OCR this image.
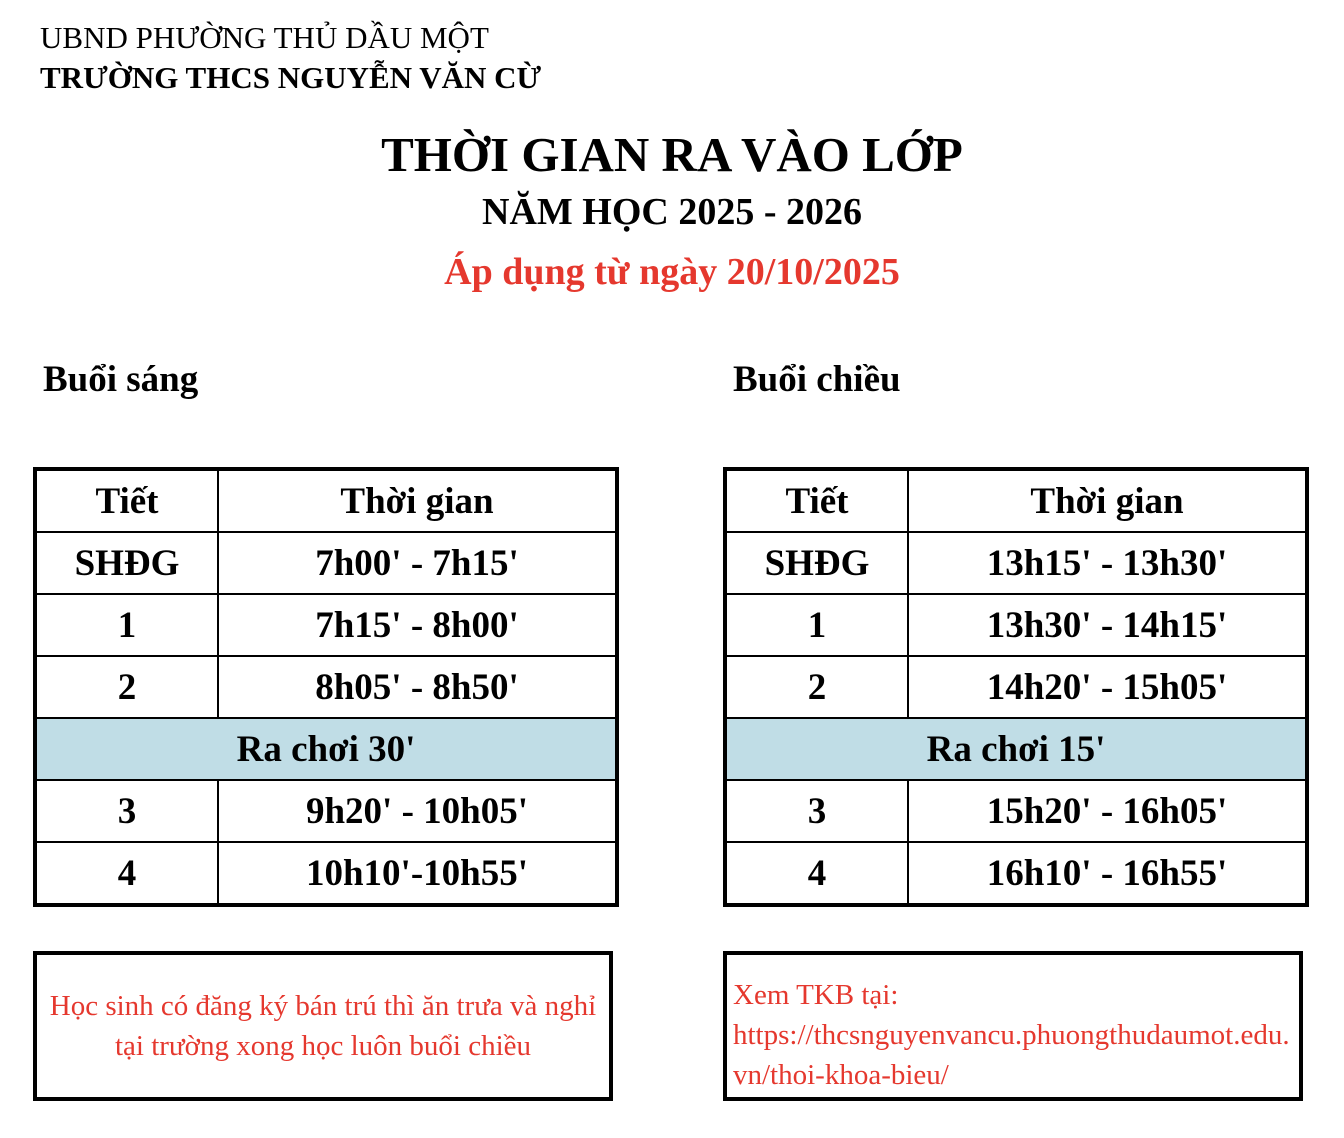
UBND PHƯỜNG THỦ DẦU MỘT
TRƯỜNG THCS NGUYỄN VĂN CỪ
THỜI GIAN RA VÀO LỚP
NĂM HỌC 2025 - 2026
Áp dụng từ ngày 20/10/2025
Buổi sáng	Buổi chiều
Tiết	Thời gian
SHĐG	7h00' - 7h15'
1	7h15' - 8h00'
2	8h05' - 8h50'
Ra chơi 30'	
3	9h20' - 10h05'
4	10h10'-10h55'
Tiết	Thời gian
SHĐG	13h15' - 13h30'
1	13h30' - 14h15'
2	14h20' - 15h05'
Ra chơi 15'	
3	15h20' - 16h05'
4	16h10' - 16h55'
Học sinh có đăng ký bán trú thì ăn trưa và nghỉ tại trường xong học luôn buổi chiều
Xem TKB tại:
https://thcsnguyenvancu.phuongthudaumot.edu.vn/thoi-khoa-bieu/
